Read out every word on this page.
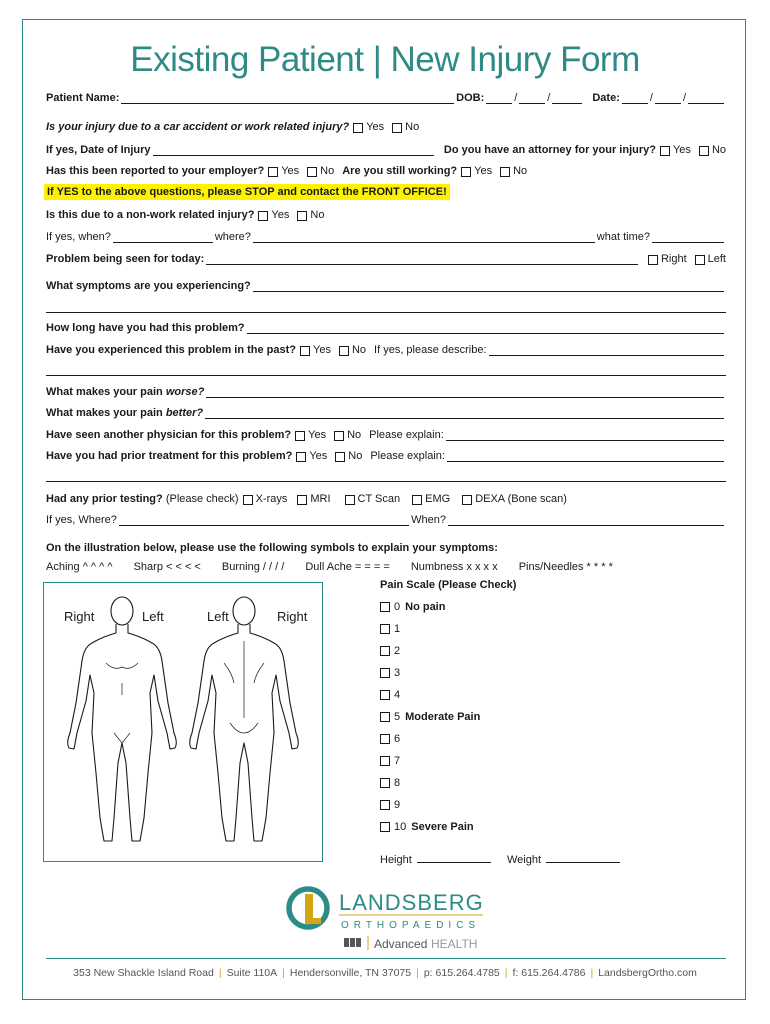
Existing Patient | New Injury Form
Patient Name:	DOB:	/	/	Date:	/	/
Is your injury due to a car accident or work related injury? Yes No
If yes, Date of Injury	Do you have an attorney for your injury? Yes No
Has this been reported to your employer? Yes No Are you still working? Yes No
If YES to the above questions, please STOP and contact the FRONT OFFICE!
Is this due to a non-work related injury? Yes No
If yes, when?	where?	what time?
Problem being seen for today:	Right Left
What symptoms are you experiencing?
How long have you had this problem?
Have you experienced this problem in the past? Yes No If yes, please describe:
What makes your pain worse?
What makes your pain better?
Have seen another physician for this problem? Yes No Please explain:
Have you had prior treatment for this problem? Yes No Please explain:
Had any prior testing?
(Please check) X-rays MRI CT Scan EMG DEXA (Bone scan)
If yes, Where?	When?
On the illustration below, please use the following symbols to explain your symptoms:
Aching ^ ^ ^ ^ Sharp < < < < Burning / / / / Dull Ache = = = = Numbness x x x x Pins/Needles * * * *
Right	Left	Left	Right
Pain Scale (Please Check)
0 No pain
1
2
3
4
5 Moderate Pain
6
7
8
9
10 Severe Pain
Height	Weight
LANDSBERG
ORTHOPAEDICS
Advanced HEALTH
353 New Shackle Island Road | Suite 110A | Hendersonville, TN 37075 | p: 615.264.4785 | f: 615.264.4786 | LandsbergOrtho.com
